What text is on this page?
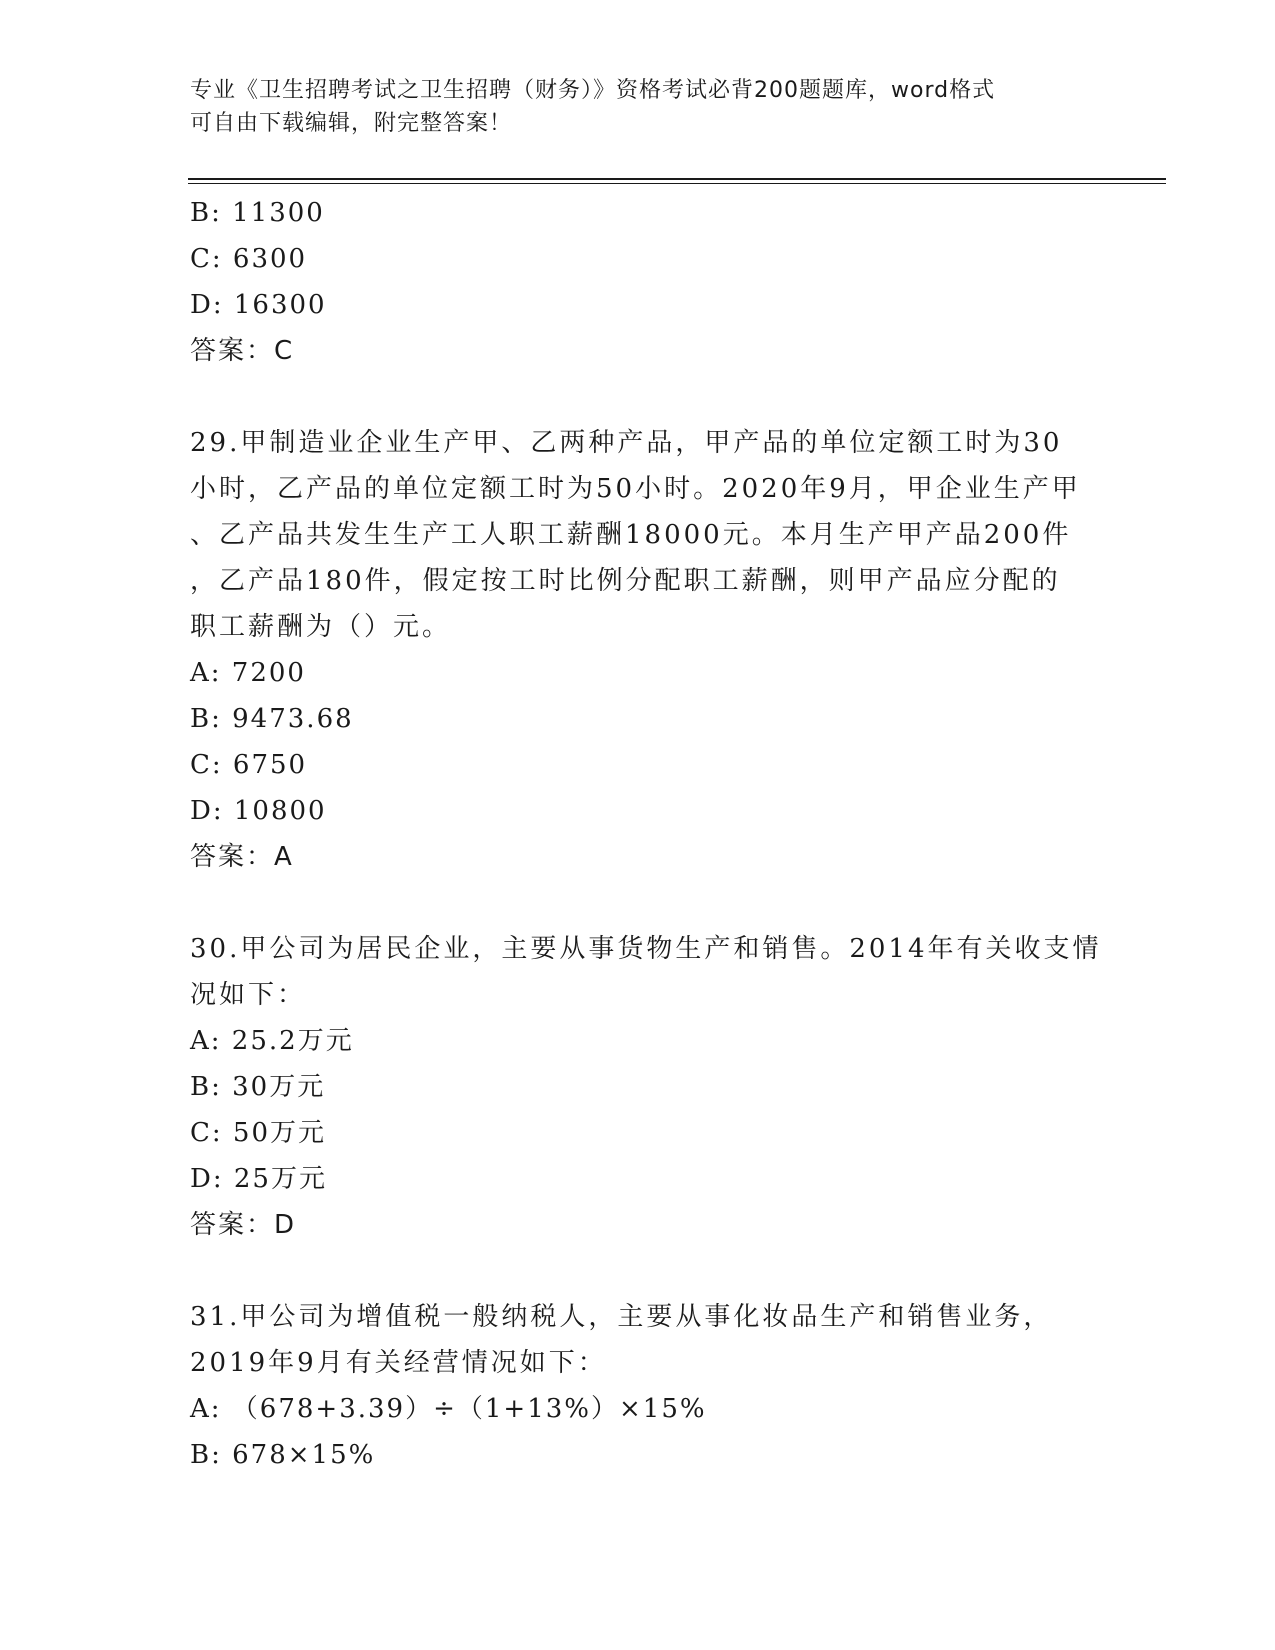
专业《卫生招聘考试之卫生招聘（财务）》资格考试必背200题题库，word格式
可自由下载编辑，附完整答案！
B: 11300
C: 6300
D: 16300
答案：C
29.甲制造业企业生产甲、乙两种产品，甲产品的单位定额工时为30
小时，乙产品的单位定额工时为50小时。2020年9月，甲企业生产甲
、乙产品共发生生产工人职工薪酬18000元。本月生产甲产品200件
，乙产品180件，假定按工时比例分配职工薪酬，则甲产品应分配的
职工薪酬为（）元。
A: 7200
B: 9473.68
C: 6750
D: 10800
答案：A
30.甲公司为居民企业，主要从事货物生产和销售。2014年有关收支情
况如下：
A: 25.2万元
B: 30万元
C: 50万元
D: 25万元
答案：D
31.甲公司为增值税一般纳税人，主要从事化妆品生产和销售业务，
2019年9月有关经营情况如下：
A: （678+3.39）÷（1+13%）×15%
B: 678×15%
